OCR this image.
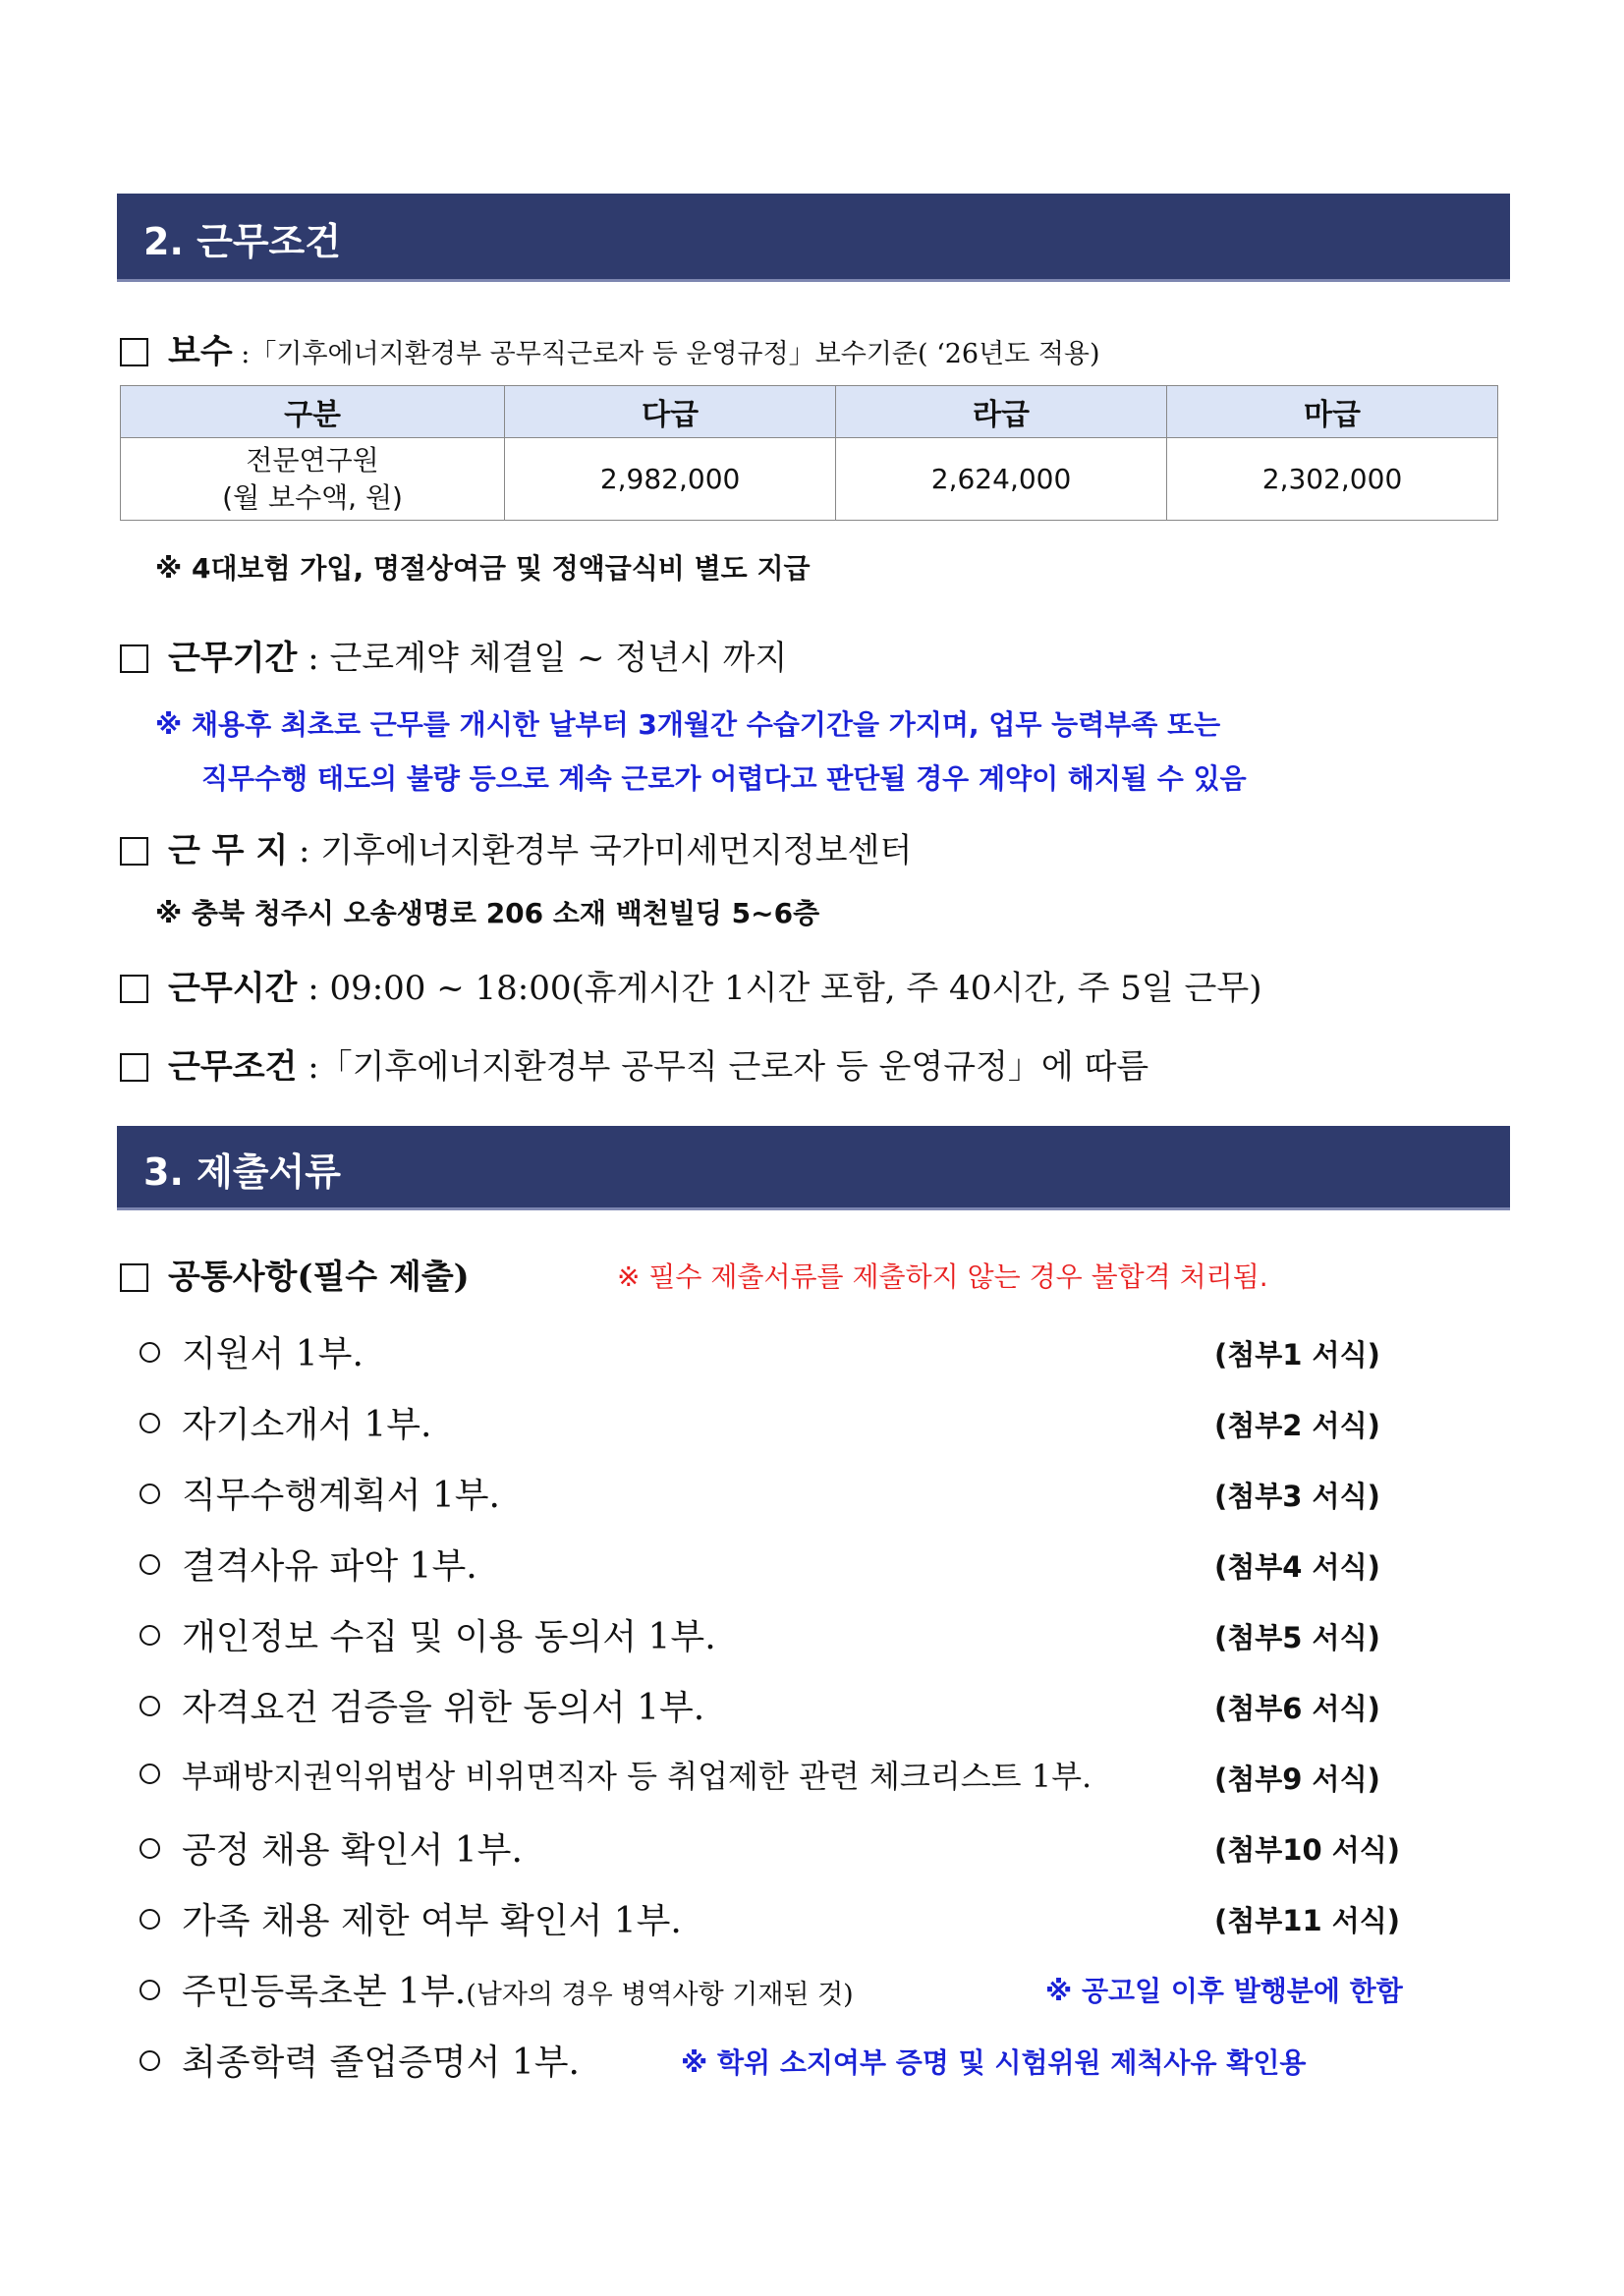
2. 근무조건
보수 :「기후에너지환경부 공무직근로자 등 운영규정」보수기준( ‘26년도 적용)
구분	다급	라급	마급

전문연구원
(월 보수액, 원)	2,982,000	2,624,000	2,302,000
※ 4대보험 가입, 명절상여금 및 정액급식비 별도 지급
근무기간 : 근로계약 체결일 ~ 정년시 까지
※ 채용후 최초로 근무를 개시한 날부터 3개월간 수습기간을 가지며, 업무 능력부족 또는
직무수행 태도의 불량 등으로 계속 근로가 어렵다고 판단될 경우 계약이 해지될 수 있음
근 무 지 : 기후에너지환경부 국가미세먼지정보센터
※ 충북 청주시 오송생명로 206 소재 백천빌딩 5~6층
근무시간 : 09:00 ~ 18:00(휴게시간 1시간 포함, 주 40시간, 주 5일 근무)
근무조건 :「기후에너지환경부 공무직 근로자 등 운영규정」에 따름
3. 제출서류
공통사항(필수 제출)	※ 필수 제출서류를 제출하지 않는 경우 불합격 처리됨.
지원서 1부.	(첨부1 서식)
자기소개서 1부.	(첨부2 서식)
직무수행계획서 1부.	(첨부3 서식)
결격사유 파악 1부.	(첨부4 서식)
개인정보 수집 및 이용 동의서 1부.	(첨부5 서식)
자격요건 검증을 위한 동의서 1부.	(첨부6 서식)
부패방지권익위법상 비위면직자 등 취업제한 관련 체크리스트 1부.	(첨부9 서식)
공정 채용 확인서 1부.	(첨부10 서식)
가족 채용 제한 여부 확인서 1부.	(첨부11 서식)
주민등록초본 1부.(남자의 경우 병역사항 기재된 것)	※ 공고일 이후 발행분에 한함
최종학력 졸업증명서 1부.	※ 학위 소지여부 증명 및 시험위원 제척사유 확인용
